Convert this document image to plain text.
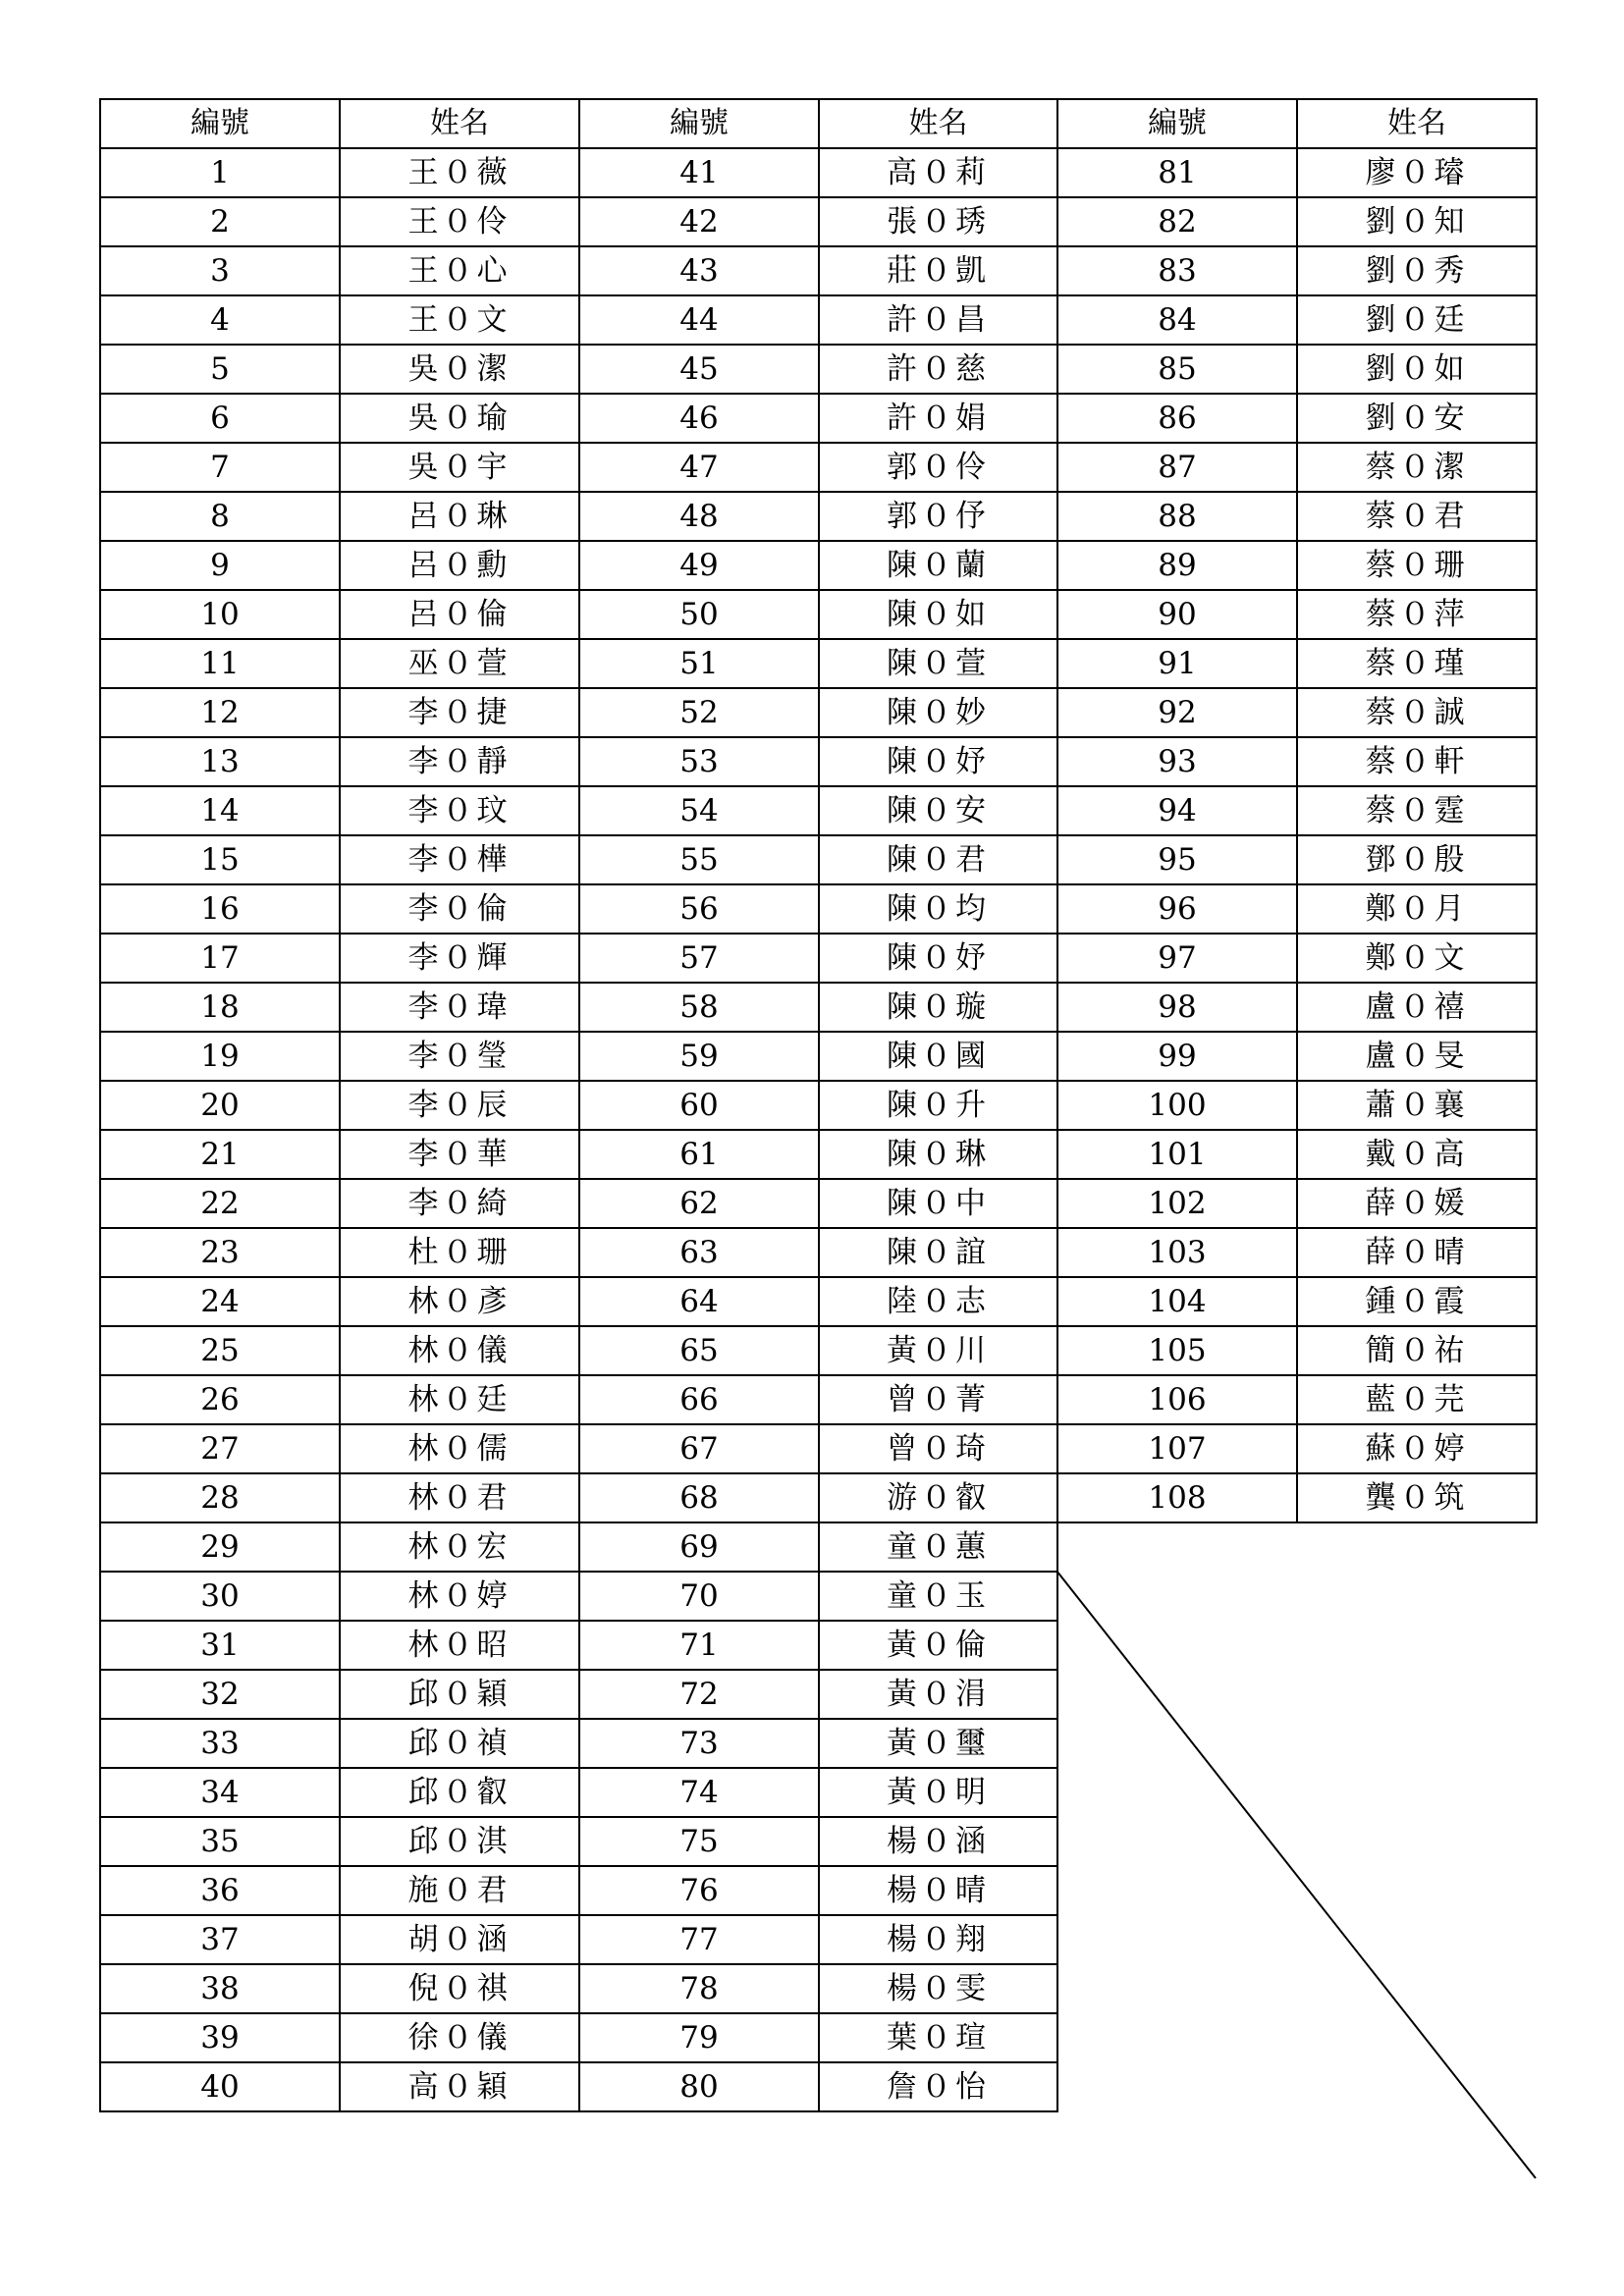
編號	姓名	編號	姓名	編號	姓名
1	王０薇	41	高０莉	81	廖０璿
2	王０伶	42	張０琇	82	劉０知
3	王０心	43	莊０凱	83	劉０秀
4	王０文	44	許０昌	84	劉０廷
5	吳０潔	45	許０慈	85	劉０如
6	吳０瑜	46	許０娟	86	劉０安
7	吳０宇	47	郭０伶	87	蔡０潔
8	呂０琳	48	郭０伃	88	蔡０君
9	呂０勳	49	陳０蘭	89	蔡０珊
10	呂０倫	50	陳０如	90	蔡０萍
11	巫０萱	51	陳０萱	91	蔡０瑾
12	李０捷	52	陳０妙	92	蔡０誠
13	李０靜	53	陳０妤	93	蔡０軒
14	李０玟	54	陳０安	94	蔡０霆
15	李０樺	55	陳０君	95	鄧０殷
16	李０倫	56	陳０均	96	鄭０月
17	李０輝	57	陳０妤	97	鄭０文
18	李０瑋	58	陳０璇	98	盧０禧
19	李０瑩	59	陳０國	99	盧０旻
20	李０辰	60	陳０升	100	蕭０襄
21	李０華	61	陳０琳	101	戴０高
22	李０綺	62	陳０中	102	薛０媛
23	杜０珊	63	陳０誼	103	薛０晴
24	林０彥	64	陸０志	104	鍾０霞
25	林０儀	65	黃０川	105	簡０祐
26	林０廷	66	曾０菁	106	藍０芫
27	林０儒	67	曾０琦	107	蘇０婷
28	林０君	68	游０叡	108	龔０筑
29	林０宏	69	童０蕙		
30	林０婷	70	童０玉		
31	林０昭	71	黃０倫		
32	邱０穎	72	黃０涓		
33	邱０禎	73	黃０璽		
34	邱０叡	74	黃０明		
35	邱０淇	75	楊０涵		
36	施０君	76	楊０晴		
37	胡０涵	77	楊０翔		
38	倪０祺	78	楊０雯		
39	徐０儀	79	葉０瑄		
40	高０穎	80	詹０怡		
